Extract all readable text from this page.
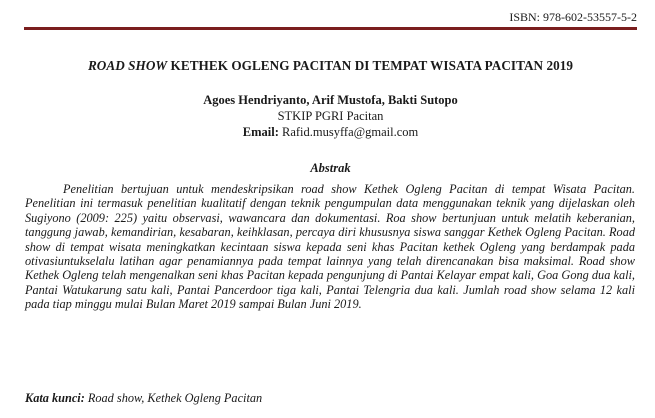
ISBN: 978-602-53557-5-2
ROAD SHOW KETHEK OGLENG PACITAN DI TEMPAT WISATA PACITAN 2019
Agoes Hendriyanto, Arif Mustofa, Bakti Sutopo
STKIP PGRI Pacitan
Email: Rafid.musyffa@gmail.com
Abstrak
Penelitian bertujuan untuk mendeskripsikan road show Kethek Ogleng Pacitan di tempat Wisata Pacitan. Penelitian ini termasuk penelitian kualitatif dengan teknik pengumpulan data menggunakan teknik yang dijelaskan oleh Sugiyono (2009: 225) yaitu observasi, wawancara dan dokumentasi. Roa show bertunjuan untuk melatih keberanian, tanggung jawab, kemandirian, kesabaran, keihklasan, percaya diri khususnya siswa sanggar Kethek Ogleng Pacitan. Road show di tempat wisata meningkatkan kecintaan siswa kepada seni khas Pacitan kethek Ogleng yang berdampak pada otivasiuntukselalu latihan agar penamiannya pada tempat lainnya yang telah direncanakan bisa maksimal. Road show Kethek Ogleng telah mengenalkan seni khas Pacitan kepada pengunjung di Pantai Kelayar empat kali, Goa Gong dua kali, Pantai Watukarung satu kali, Pantai Pancerdoor tiga kali, Pantai Telengria dua kali. Jumlah road show selama 12 kali pada tiap minggu mulai Bulan Maret 2019 sampai Bulan Juni 2019.
Kata kunci: Road show, Kethek Ogleng Pacitan
